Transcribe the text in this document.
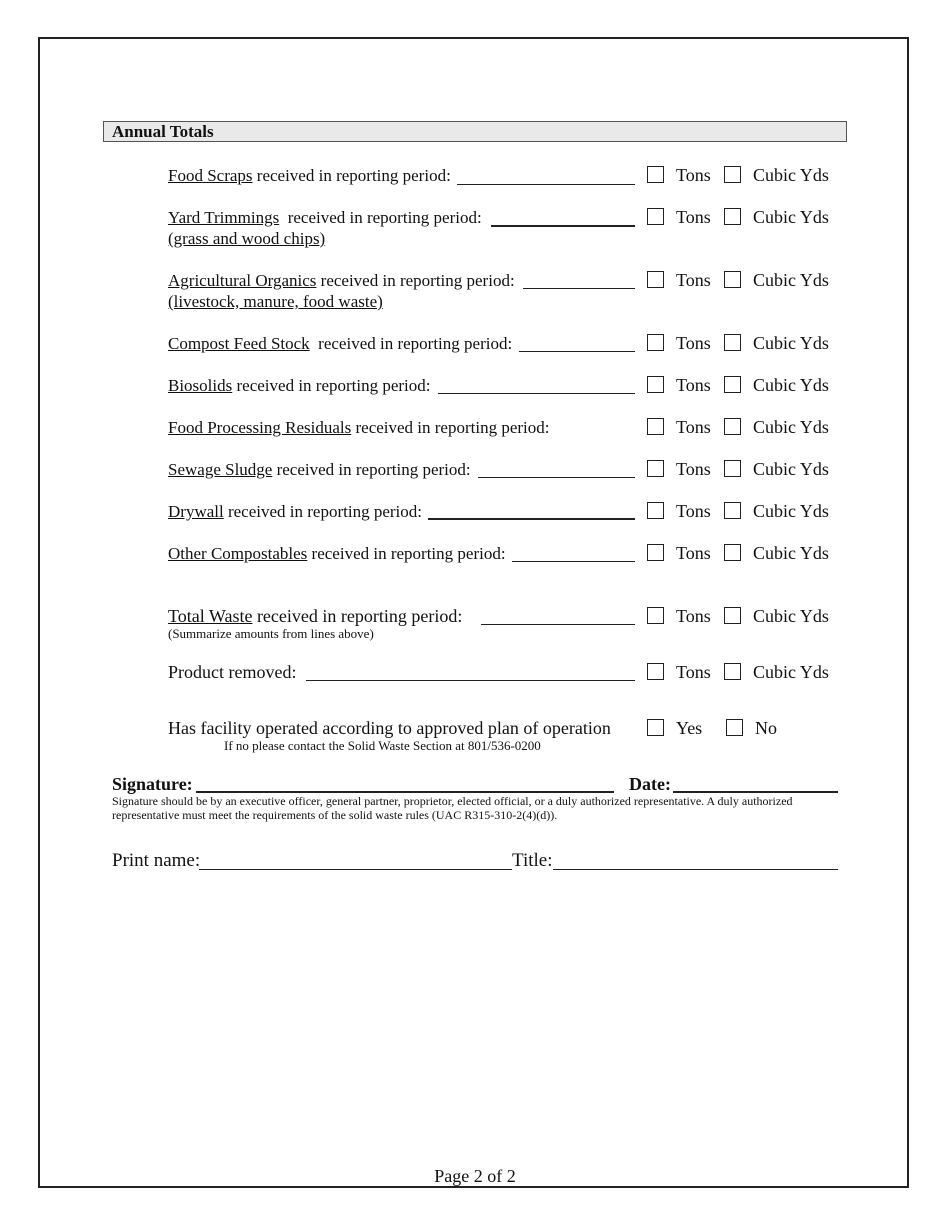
Annual Totals
Food Scraps received in reporting period:	Tons Cubic Yds
Yard Trimmings  received in reporting period:
(grass and wood chips)
Tons Cubic Yds
Agricultural Organics received in reporting period:
(livestock, manure, food waste)
Tons Cubic Yds
Compost Feed Stock  received in reporting period:	Tons Cubic Yds
Biosolids received in reporting period:	Tons Cubic Yds
Food Processing Residuals received in reporting period:	Tons Cubic Yds
Sewage Sludge received in reporting period:	Tons Cubic Yds
Drywall received in reporting period:	Tons Cubic Yds
Other Compostables received in reporting period:	Tons Cubic Yds
Total Waste received in reporting period:
(Summarize amounts from lines above)
Tons Cubic Yds
Product removed:	Tons Cubic Yds
Has facility operated according to approved plan of operation
If no please contact the Solid Waste Section at 801/536-0200
Yes	No
Signature:	Date:
Signature should be by an executive officer, general partner, proprietor, elected official, or a duly authorized representative. A duly authorized representative must meet the requirements of the solid waste rules (UAC R315-310-2(4)(d)).
Print name:	Title:
Page 2 of 2
